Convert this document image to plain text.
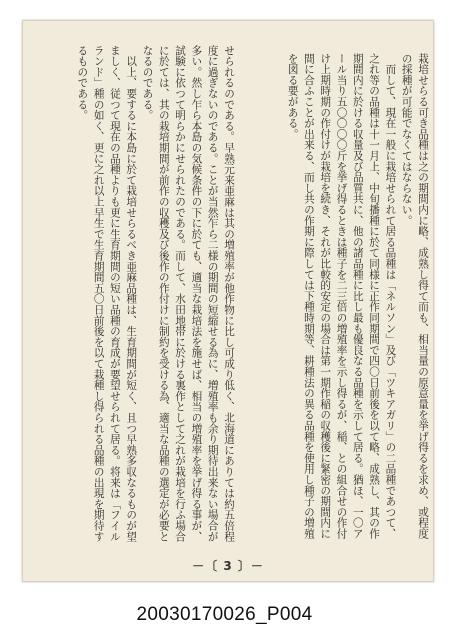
栽培せらる可き品種は之の期間内に略、成熟し得て而も、相当量の原意量を挙げ得るを求め、或程度の採種が可能でなくてはならない。
　而して、現在一般に栽培せられて居る品種は「ネルソン」及び「ツキアガリ」の二品種であつて、之れ等の品種は十一月上、中旬播種に於て同様に正作同期間で四〇日前後を以て略、成熟し、其の作期間内に於ける収量及び品質共に、他の諸品種に比し最も優良なる品種を示して居る。猶ほ、一〇アール当り五〇〇〇〇斤を挙げ得るときは種子を二三倍の増殖率を示し得るが、稲、との組合せの作付け上期時期の作付けが栽培を続き、それが比較的安定の場合は第一期作稲の収穫後に緊密の期間内に間に合ふことが出来る、而し共の作期に際しては下種時期等、耕種法の異る品種を使用し種子の増殖を図る要がある。
せられるのである。早熟元来亜麻は其の増殖率が他作物に比し可成り低く、北海道にありては約五倍程度に過ぎないのである。ことが当然乍ら二様の期間の短縮せる為に、増殖率も余り期待出来ない場合が多い。然し乍ら本島の気候条件の下に於ても、適当な栽培法を施せば、相当の増殖率を挙げ得る事が、試験に依つて明らかにせられたのである。而して、水田地帯に於ける裏作として之れが栽培を行ふ場合に於ては、其の栽培期間が前作の収穫及び後作の作付けに制約を受ける為、適当な品種の選定が必要となるのである。
　以上、要するに本島に於て栽培せらるべき亜麻品種は、生育期間が短く、且つ早熟多収なるものが望ましく、従つて現在の品種よりも更に生育期間の短い品種の育成が要望せられて居る。将来は「フイルランド」種の如く、更に之れ以上早生で生育期間五〇日前後を以て栽種し得られる品種の出現を期待するものである。
－〔 3 〕－
20030170026_P004
